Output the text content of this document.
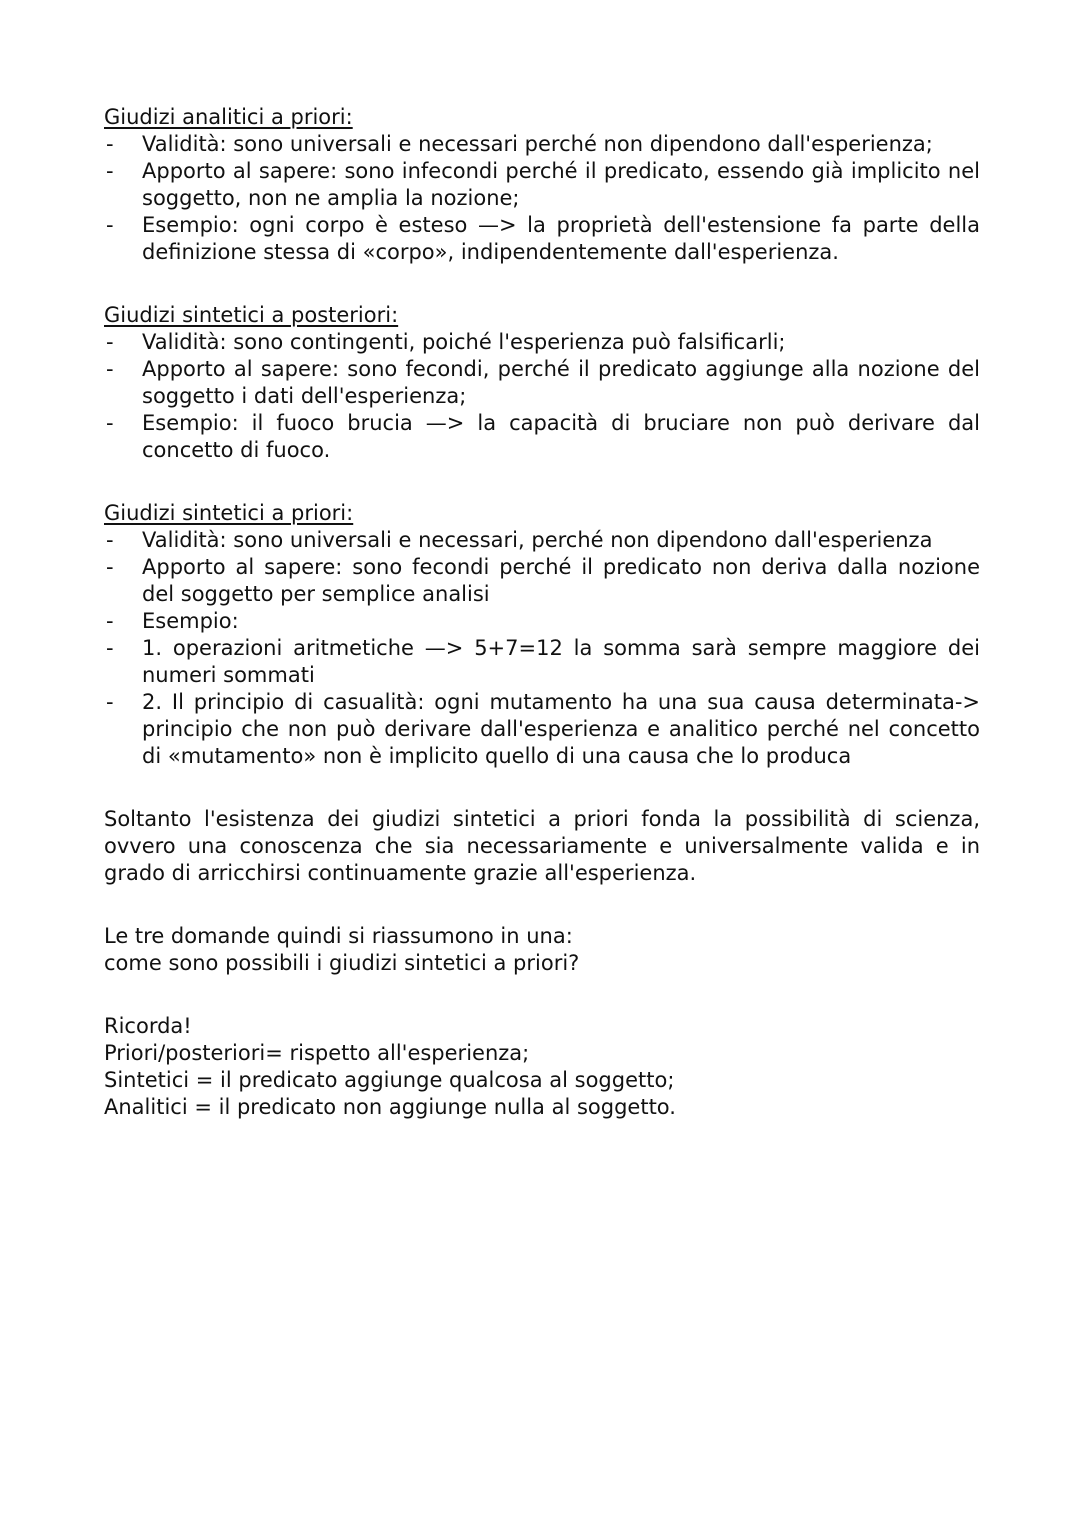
Giudizi analitici a priori:

- Validità: sono universali e necessari perché non dipendono dall'esperienza;
- Apporto al sapere: sono infecondi perché il predicato, essendo già implicito nel soggetto, non ne amplia la nozione;
- Esempio: ogni corpo è esteso —> la proprietà dell'estensione fa parte della definizione stessa di «corpo», indipendentemente dall'esperienza.

Giudizi sintetici a posteriori:

- Validità: sono contingenti, poiché l'esperienza può falsificarli;
- Apporto al sapere: sono fecondi, perché il predicato aggiunge alla nozione del soggetto i dati dell'esperienza;
- Esempio: il fuoco brucia —> la capacità di bruciare non può derivare dal concetto di fuoco.

Giudizi sintetici a priori:

- Validità: sono universali e necessari, perché non dipendono dall'esperienza
- Apporto al sapere: sono fecondi perché il predicato non deriva dalla nozione del soggetto per semplice analisi
- Esempio:
- 1. operazioni aritmetiche —> 5+7=12 la somma sarà sempre maggiore dei numeri sommati
- 2. Il principio di casualità: ogni mutamento ha una sua causa determinata-> principio che non può derivare dall'esperienza e analitico perché nel concetto di «mutamento» non è implicito quello di una causa che lo produca

Soltanto l'esistenza dei giudizi sintetici a priori fonda la possibilità di scienza, ovvero una conoscenza che sia necessariamente e universalmente valida e in grado di arricchirsi continuamente grazie all'esperienza.

Le tre domande quindi si riassumono in una:

come sono possibili i giudizi sintetici a priori?

Ricorda!

Priori/posteriori= rispetto all'esperienza;

Sintetici = il predicato aggiunge qualcosa al soggetto;

Analitici = il predicato non aggiunge nulla al soggetto.
